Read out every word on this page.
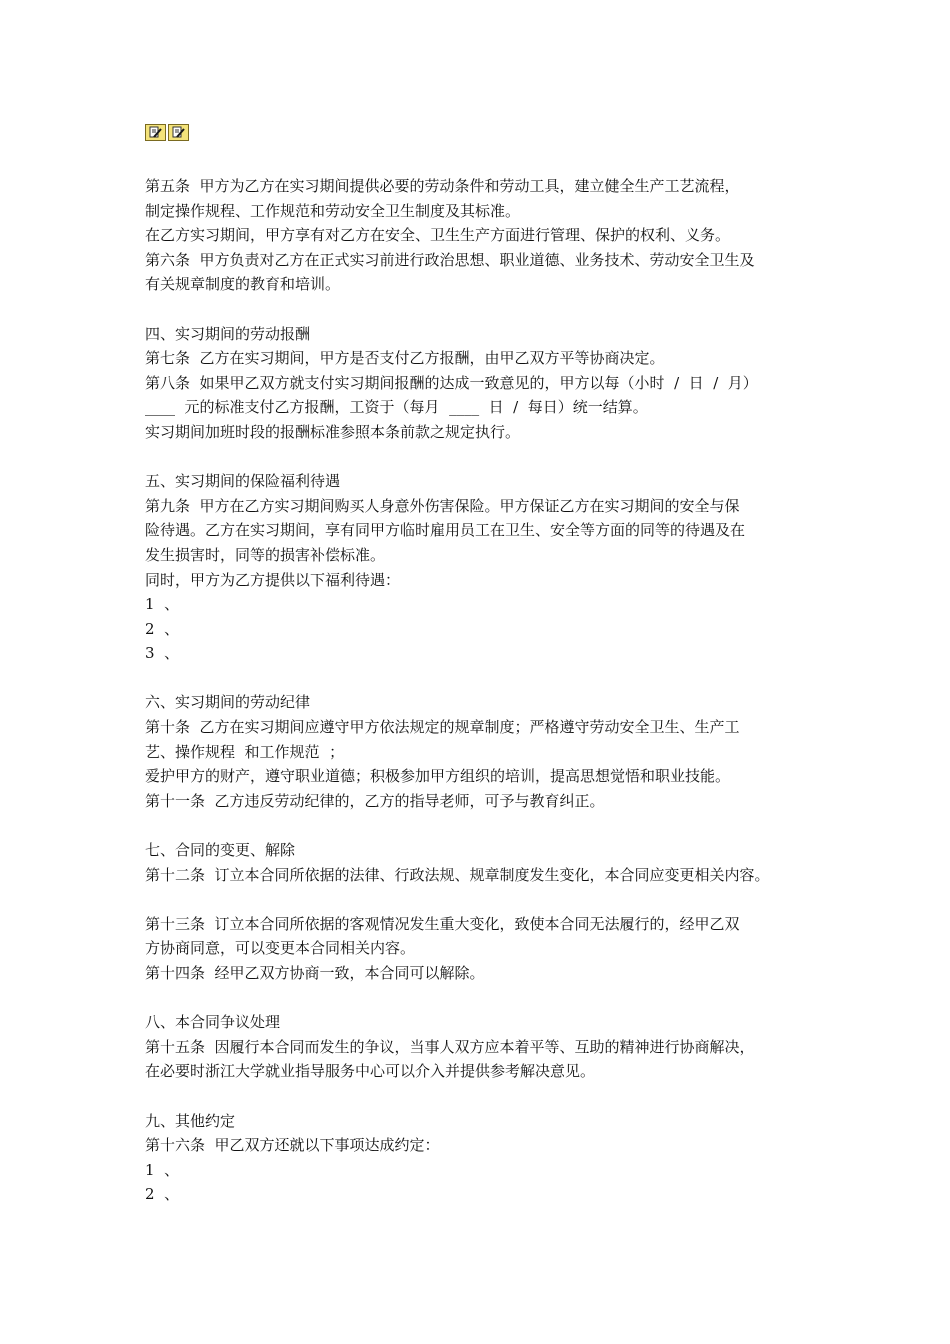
第五条  甲方为乙方在实习期间提供必要的劳动条件和劳动工具，建立健全生产工艺流程，
制定操作规程、工作规范和劳动安全卫生制度及其标准。
在乙方实习期间，甲方享有对乙方在安全、卫生生产方面进行管理、保护的权利、义务。
第六条  甲方负责对乙方在正式实习前进行政治思想、职业道德、业务技术、劳动安全卫生及
有关规章制度的教育和培训。
四、实习期间的劳动报酬
第七条  乙方在实习期间，甲方是否支付乙方报酬，由甲乙双方平等协商决定。
第八条  如果甲乙双方就支付实习期间报酬的达成一致意见的，甲方以每（小时  /  日  /  月）
____  元的标准支付乙方报酬，工资于（每月  ____  日  /  每日）统一结算。
实习期间加班时段的报酬标准参照本条前款之规定执行。
五、实习期间的保险福利待遇
第九条  甲方在乙方实习期间购买人身意外伤害保险。甲方保证乙方在实习期间的安全与保
险待遇。乙方在实习期间，享有同甲方临时雇用员工在卫生、安全等方面的同等的待遇及在
发生损害时，同等的损害补偿标准。
同时，甲方为乙方提供以下福利待遇：
1  、
2  、
3  、
六、实习期间的劳动纪律
第十条  乙方在实习期间应遵守甲方依法规定的规章制度；严格遵守劳动安全卫生、生产工
艺、操作规程  和工作规范  ；
爱护甲方的财产，遵守职业道德；积极参加甲方组织的培训，提高思想觉悟和职业技能。
第十一条  乙方违反劳动纪律的，乙方的指导老师，可予与教育纠正。
七、合同的变更、解除
第十二条  订立本合同所依据的法律、行政法规、规章制度发生变化，本合同应变更相关内容。
第十三条  订立本合同所依据的客观情况发生重大变化，致使本合同无法履行的，经甲乙双
方协商同意，可以变更本合同相关内容。
第十四条  经甲乙双方协商一致，本合同可以解除。
八、本合同争议处理
第十五条  因履行本合同而发生的争议，当事人双方应本着平等、互助的精神进行协商解决，
在必要时浙江大学就业指导服务中心可以介入并提供参考解决意见。
九、其他约定
第十六条  甲乙双方还就以下事项达成约定：
1  、
2  、
